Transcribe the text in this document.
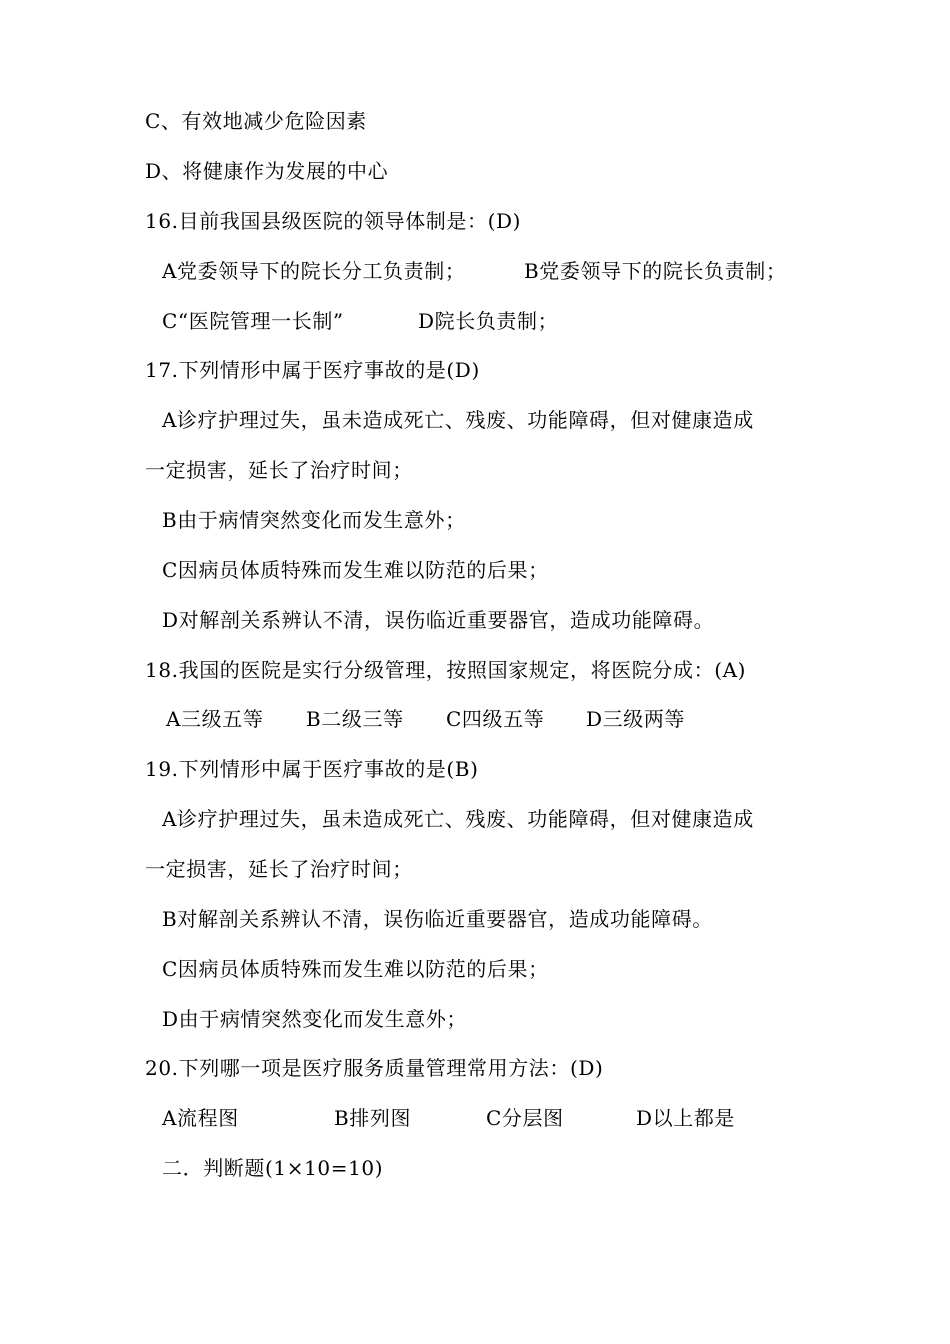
C、有效地减少危险因素
D、将健康作为发展的中心
16.目前我国县级医院的领导体制是：(D)
A党委领导下的院长分工负责制；	B党委领导下的院长负责制；
C“医院管理一长制”	D院长负责制；
17.下列情形中属于医疗事故的是(D)
A诊疗护理过失，虽未造成死亡、残废、功能障碍，但对健康造成
一定损害，延长了治疗时间；
B由于病情突然变化而发生意外；
C因病员体质特殊而发生难以防范的后果；
D对解剖关系辨认不清，误伤临近重要器官，造成功能障碍。
18.我国的医院是实行分级管理，按照国家规定，将医院分成：(A)
A三级五等 B二级三等 C四级五等 D三级两等
19.下列情形中属于医疗事故的是(B)
A诊疗护理过失，虽未造成死亡、残废、功能障碍，但对健康造成
一定损害，延长了治疗时间；
B对解剖关系辨认不清，误伤临近重要器官，造成功能障碍。
C因病员体质特殊而发生难以防范的后果；
D由于病情突然变化而发生意外；
20.下列哪一项是医疗服务质量管理常用方法：(D)
A流程图	B排列图	C分层图	D以上都是
二．判断题(1×10=10)
